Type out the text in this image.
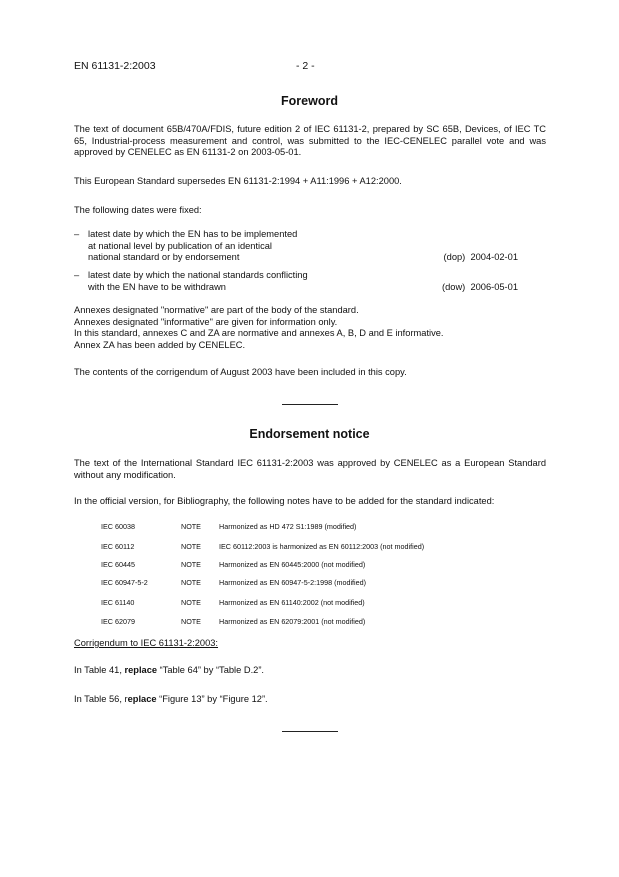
EN 61131-2:2003	- 2 -
Foreword
The text of document 65B/470A/FDIS, future edition 2 of IEC 61131-2, prepared by SC 65B, Devices, of IEC TC 65, Industrial-process measurement and control, was submitted to the IEC-CENELEC parallel vote and was approved by CENELEC as EN 61131-2 on 2003-05-01.
This European Standard supersedes EN 61131-2:1994 + A11:1996 + A12:2000.
The following dates were fixed:
– latest date by which the EN has to be implemented
at national level by publication of an identical
national standard or by endorsement	(dop) 2004-02-01
– latest date by which the national standards conflicting
with the EN have to be withdrawn	(dow) 2006-05-01
Annexes designated "normative" are part of the body of the standard.
Annexes designated "informative" are given for information only.
In this standard, annexes C and ZA are normative and annexes A, B, D and E informative.
Annex ZA has been added by CENELEC.
The contents of the corrigendum of August 2003 have been included in this copy.
Endorsement notice
The text of the International Standard IEC 61131-2:2003 was approved by CENELEC as a European Standard without any modification.
In the official version, for Bibliography, the following notes have to be added for the standard indicated:
IEC 60038	NOTE	Harmonized as HD 472 S1:1989 (modified)
IEC 60112	NOTE	IEC 60112:2003 is harmonized as EN 60112:2003 (not modified)
IEC 60445	NOTE	Harmonized as EN 60445:2000 (not modified)
IEC 60947-5-2	NOTE	Harmonized as EN 60947-5-2:1998 (modified)
IEC 61140	NOTE	Harmonized as EN 61140:2002 (not modified)
IEC 62079	NOTE	Harmonized as EN 62079:2001 (not modified)
Corrigendum to IEC 61131-2:2003:
In Table 41, replace “Table 64” by “Table D.2”.
In Table 56, replace “Figure 13” by “Figure 12”.
